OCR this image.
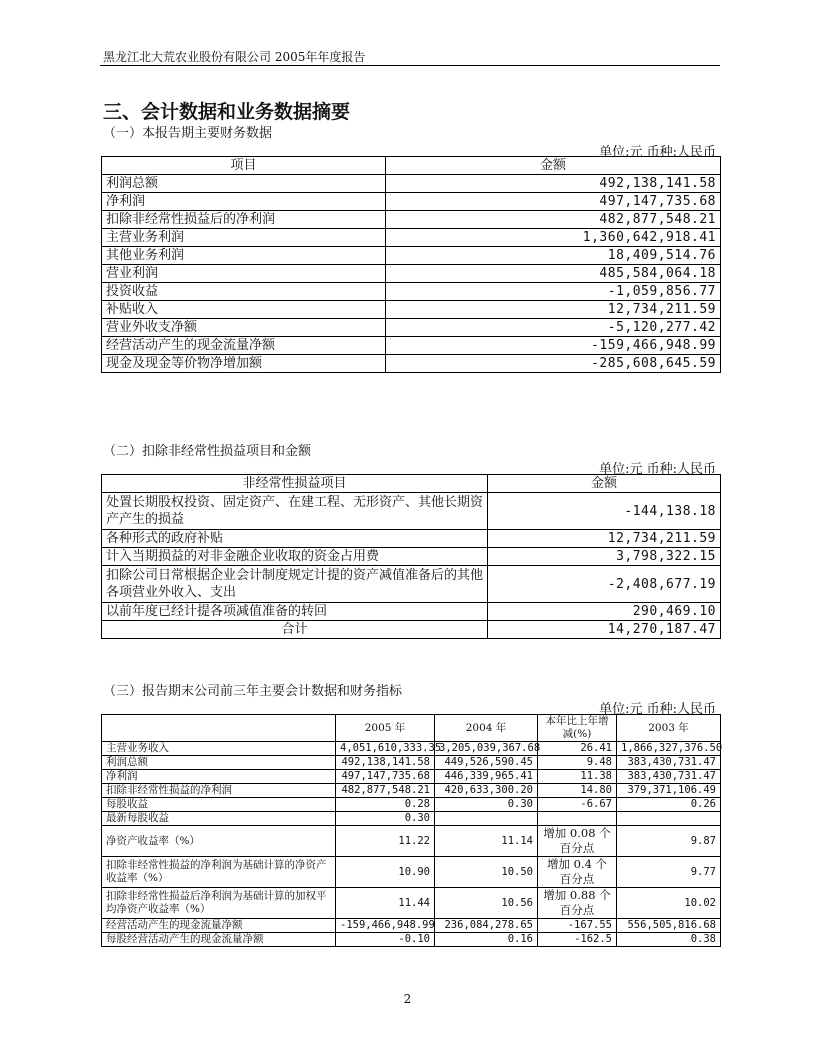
黑龙江北大荒农业股份有限公司 2005年年度报告
三、会计数据和业务数据摘要
（一）本报告期主要财务数据
单位:元 币种:人民币
项目	金额
利润总额	492,138,141.58
净利润	497,147,735.68
扣除非经常性损益后的净利润	482,877,548.21
主营业务利润	1,360,642,918.41
其他业务利润	18,409,514.76
营业利润	485,584,064.18
投资收益	-1,059,856.77
补贴收入	12,734,211.59
营业外收支净额	-5,120,277.42
经营活动产生的现金流量净额	-159,466,948.99
现金及现金等价物净增加额	-285,608,645.59
（二）扣除非经常性损益项目和金额
单位:元 币种:人民币
非经常性损益项目	金额
处置长期股权投资、固定资产、在建工程、无形资产、其他长期资产产生的损益	-144,138.18
各种形式的政府补贴	12,734,211.59
计入当期损益的对非金融企业收取的资金占用费	3,798,322.15
扣除公司日常根据企业会计制度规定计提的资产减值准备后的其他各项营业外收入、支出	-2,408,677.19
以前年度已经计提各项减值准备的转回	290,469.10
合计	14,270,187.47
（三）报告期末公司前三年主要会计数据和财务指标
单位:元 币种:人民币
	2005 年	2004 年	本年比上年增减(%)	2003 年
主营业务收入	4,051,610,333.35	3,205,039,367.68	26.41	1,866,327,376.50
利润总额	492,138,141.58	449,526,590.45	9.48	383,430,731.47
净利润	497,147,735.68	446,339,965.41	11.38	383,430,731.47
扣除非经常性损益的净利润	482,877,548.21	420,633,300.20	14.80	379,371,106.49
每股收益	0.28	0.30	-6.67	0.26
最新每股收益	0.30			
净资产收益率（%）	11.22	11.14	增加 0.08 个百分点	9.87
扣除非经常性损益的净利润为基础计算的净资产收益率（%）	10.90	10.50	增加 0.4 个百分点	9.77
扣除非经常性损益后净利润为基础计算的加权平均净资产收益率（%）	11.44	10.56	增加 0.88 个百分点	10.02
经营活动产生的现金流量净额	-159,466,948.99	236,084,278.65	-167.55	556,505,816.68
每股经营活动产生的现金流量净额	-0.10	0.16	-162.5	0.38
2
